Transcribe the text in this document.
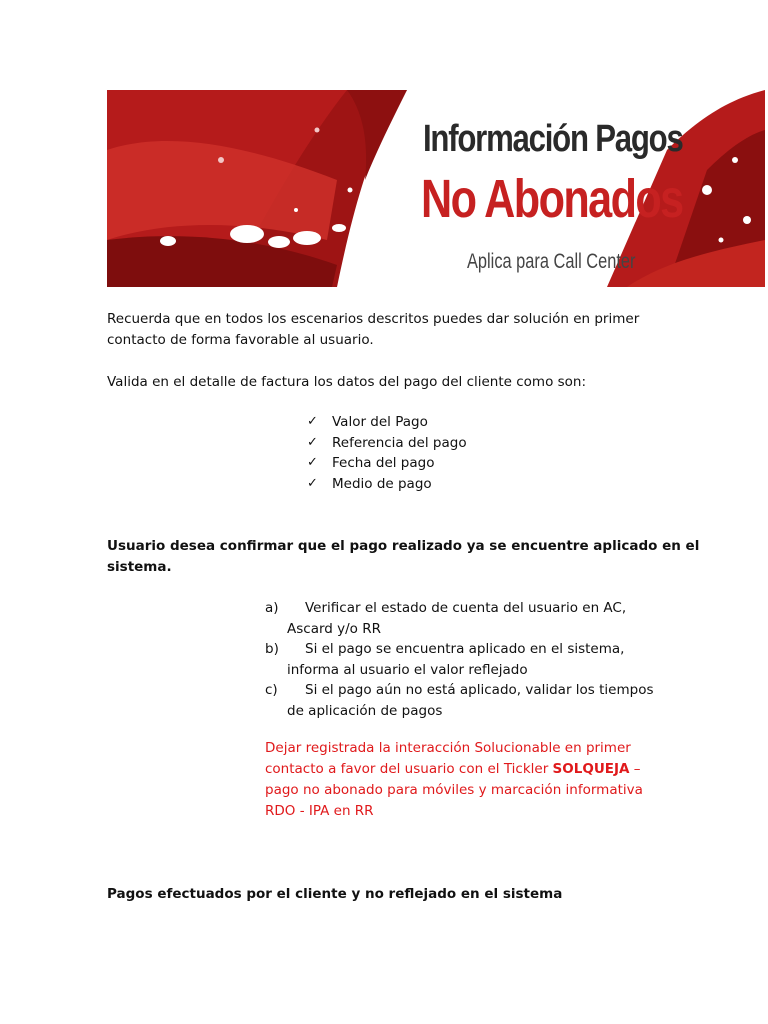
Información Pagos
No Abonados
Aplica para Call Center

Recuerda que en todos los escenarios descritos puedes dar solución en primer
contacto de forma favorable al usuario.

Valida en el detalle de factura los datos del pago del cliente como son:

✓	Valor del Pago
✓	Referencia del pago
✓	Fecha del pago
✓	Medio de pago

Usuario desea confirmar que el pago realizado ya se encuentre aplicado en el
sistema.

a) Verificar el estado de cuenta del usuario en AC,
Ascard y/o RR
b) Si el pago se encuentra aplicado en el sistema,
informa al usuario el valor reflejado
c) Si el pago aún no está aplicado, validar los tiempos
de aplicación de pagos

Dejar registrada la interacción Solucionable en primer
contacto a favor del usuario con el Tickler SOLQUEJA –
pago no abonado para móviles y marcación informativa
RDO - IPA en RR

Pagos efectuados por el cliente y no reflejado en el sistema
